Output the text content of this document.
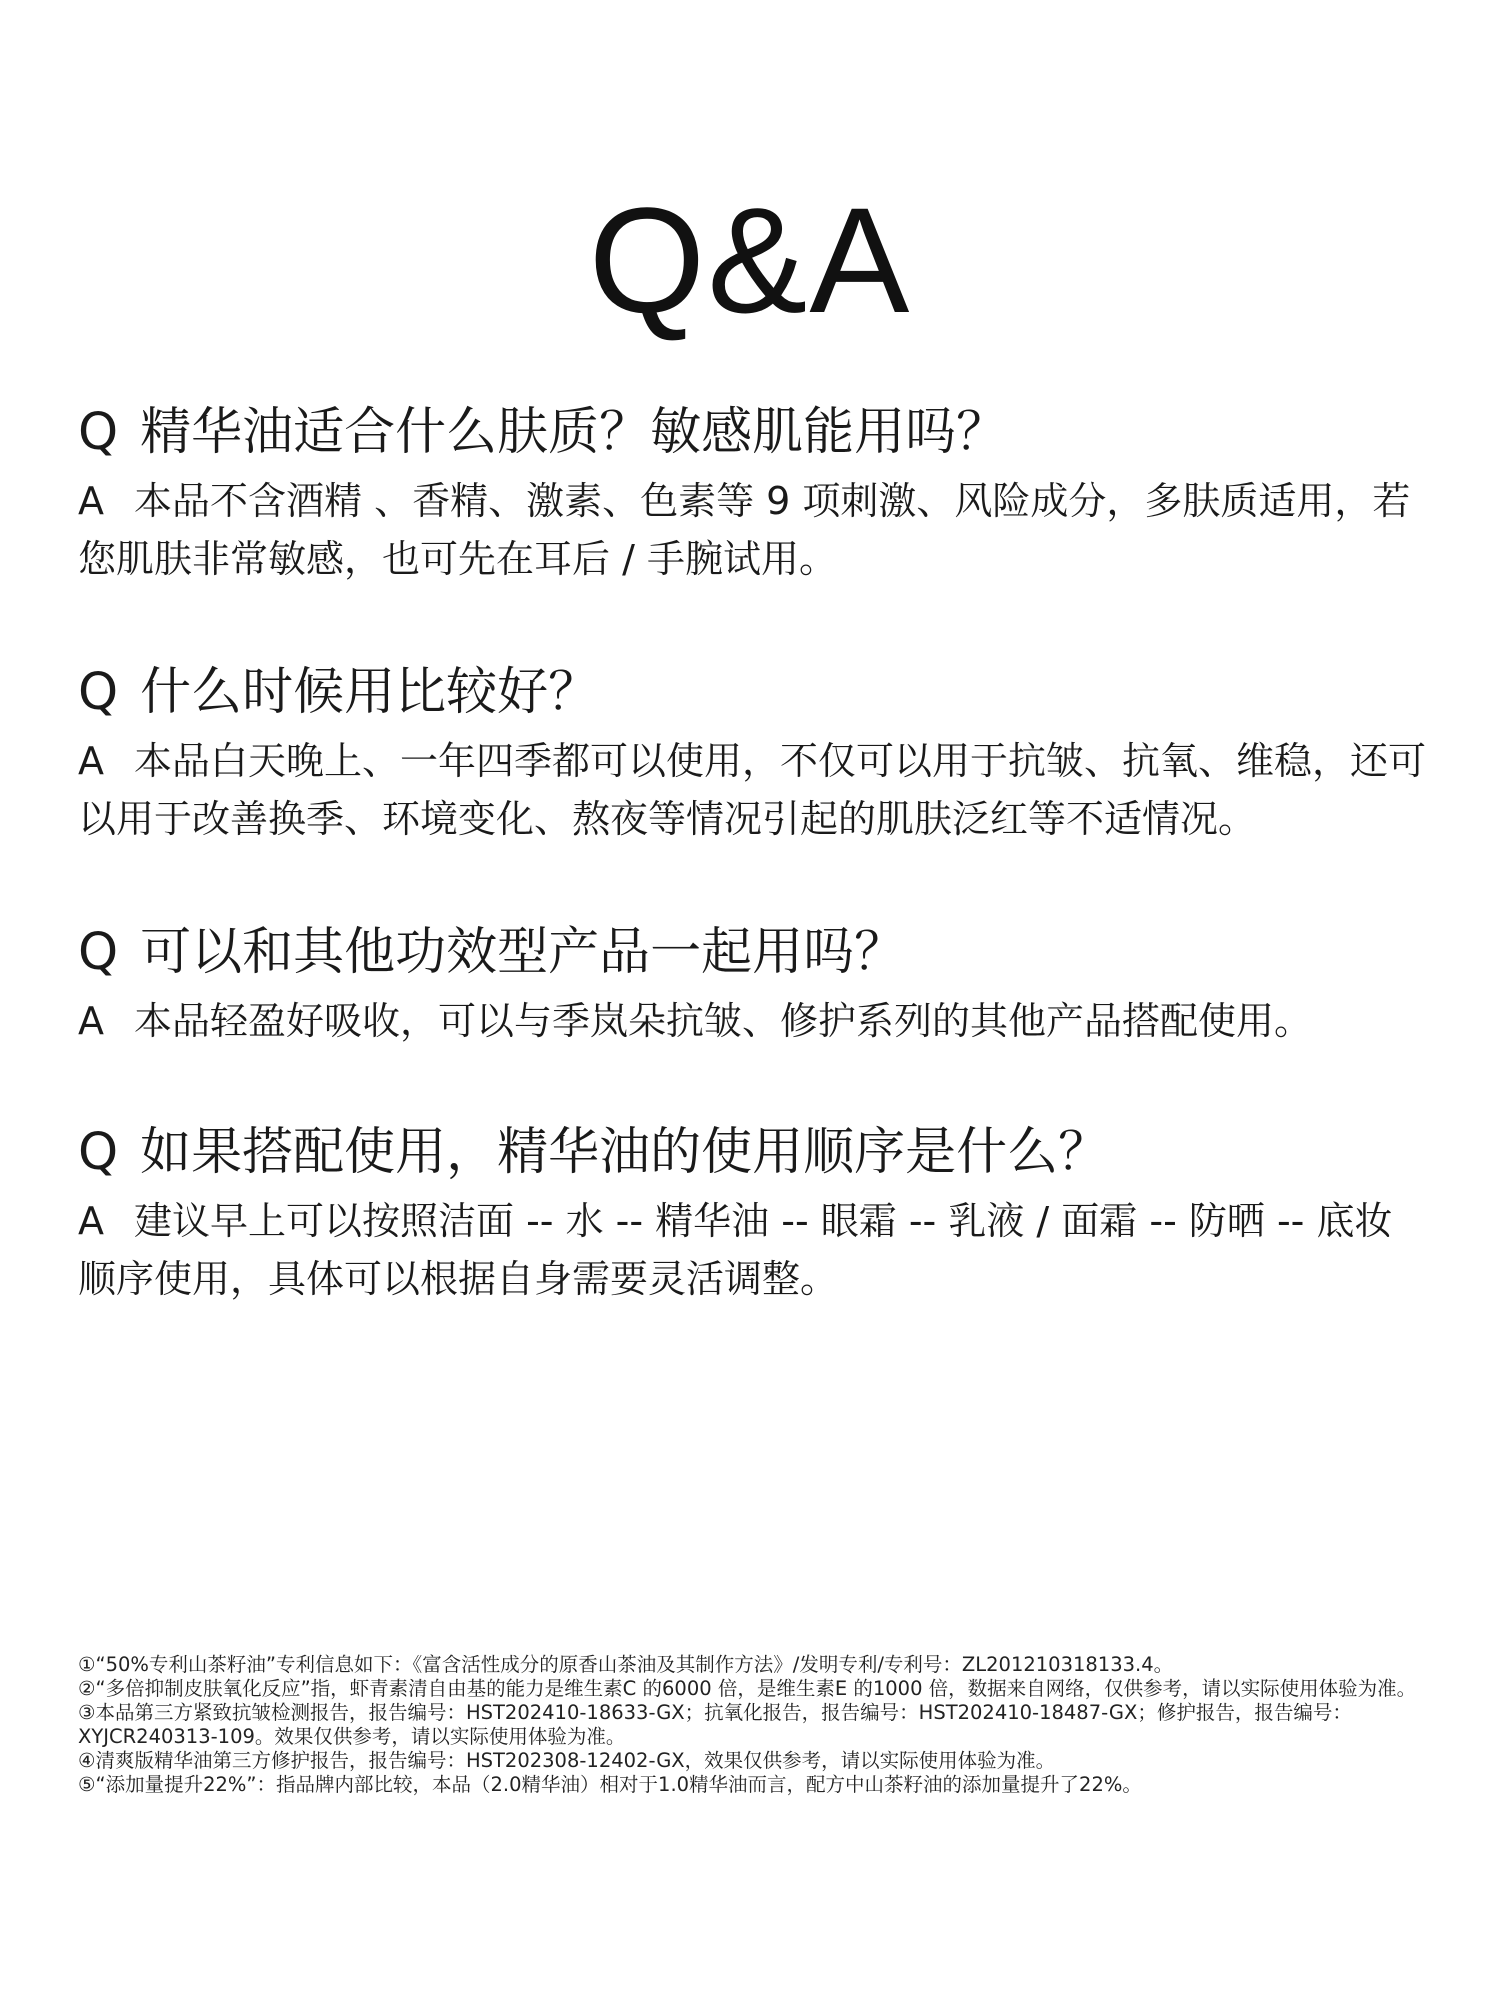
Q&A

Q 精华油适合什么肤质？敏感肌能用吗？

A 本品不含酒精 、香精、激素、色素等 9 项刺激、风险成分，多肤质适用，若您肌肤非常敏感，也可先在耳后 / 手腕试用。

Q 什么时候用比较好？

A 本品白天晚上、一年四季都可以使用，不仅可以用于抗皱、抗氧、维稳，还可以用于改善换季、环境变化、熬夜等情况引起的肌肤泛红等不适情况。

Q 可以和其他功效型产品一起用吗？

A 本品轻盈好吸收，可以与季岚朵抗皱、修护系列的其他产品搭配使用。

Q 如果搭配使用，精华油的使用顺序是什么？

A 建议早上可以按照洁面 -- 水 -- 精华油 -- 眼霜 -- 乳液 / 面霜 -- 防晒 -- 底妆顺序使用，具体可以根据自身需要灵活调整。

①“50%专利山茶籽油”专利信息如下：《富含活性成分的原香山茶油及其制作方法》/发明专利/专利号：ZL201210318133.4。

②“多倍抑制皮肤氧化反应”指，虾青素清自由基的能力是维生素C 的6000 倍，是维生素E 的1000 倍，数据来自网络，仅供参考，请以实际使用体验为准。

③本品第三方紧致抗皱检测报告，报告编号：HST202410-18633-GX；抗氧化报告，报告编号：HST202410-18487-GX；修护报告，报告编号：XYJCR240313-109。效果仅供参考，请以实际使用体验为准。

④清爽版精华油第三方修护报告，报告编号：HST202308-12402-GX，效果仅供参考，请以实际使用体验为准。

⑤“添加量提升22%”：指品牌内部比较，本品（2.0精华油）相对于1.0精华油而言，配方中山茶籽油的添加量提升了22%。
